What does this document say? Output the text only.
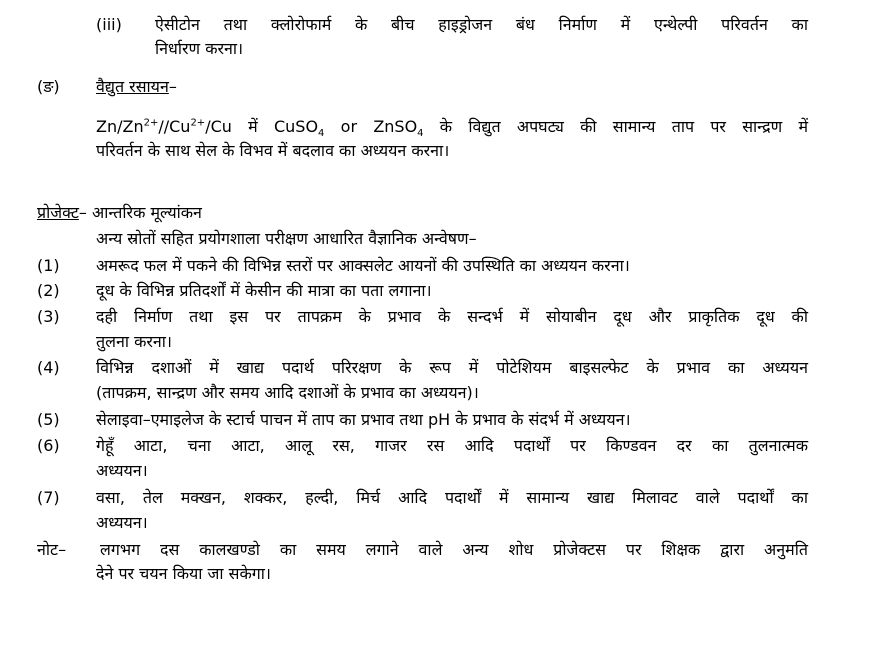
(iii) ऐसीटोन तथा क्लोरोफार्म के बीच हाइड्रोजन बंध निर्माण में एन्थेल्पी परिवर्तन का
निर्धारण करना।
(ङ) वैद्युत रसायन–
$Zn/Zn^{2+}//Cu^{2+}/Cu$ में CuSO$_4$ or ZnSO$_4$ के विद्युत अपघट्य की सामान्य ताप पर सान्द्रण में
परिवर्तन के साथ सेल के विभव में बदलाव का अध्ययन करना।
प्रोजेक्ट– आन्तरिक मूल्यांकन
अन्य स्रोतों सहित प्रयोगशाला परीक्षण आधारित वैज्ञानिक अन्वेषण–
(1) अमरूद फल में पकने की विभिन्न स्तरों पर आक्सलेट आयनों की उपस्थिति का अध्ययन करना।
(2) दूध के विभिन्न प्रतिदर्शों में केसीन की मात्रा का पता लगाना।
(3) दही निर्माण तथा इस पर तापक्रम के प्रभाव के सन्दर्भ में सोयाबीन दूध और प्राकृतिक दूध की
तुलना करना।
(4) विभिन्न दशाओं में खाद्य पदार्थ परिरक्षण के रूप में पोटेशियम बाइसल्फेट के प्रभाव का अध्ययन
(तापक्रम, सान्द्रण और समय आदि दशाओं के प्रभाव का अध्ययन)।
(5) सेलाइवा–एमाइलेज के स्टार्च पाचन में ताप का प्रभाव तथा pH के प्रभाव के संदर्भ में अध्ययन।
(6) गेहूँ आटा, चना आटा, आलू रस, गाजर रस आदि पदार्थों पर किण्डवन दर का तुलनात्मक
अध्ययन।
(7) वसा, तेल मक्खन, शक्कर, हल्दी, मिर्च आदि पदार्थों में सामान्य खाद्य मिलावट वाले पदार्थों का
अध्ययन।
नोट– लगभग दस कालखण्डो का समय लगाने वाले अन्य शोध प्रोजेक्टस पर शिक्षक द्वारा अनुमति
देने पर चयन किया जा सकेगा।
